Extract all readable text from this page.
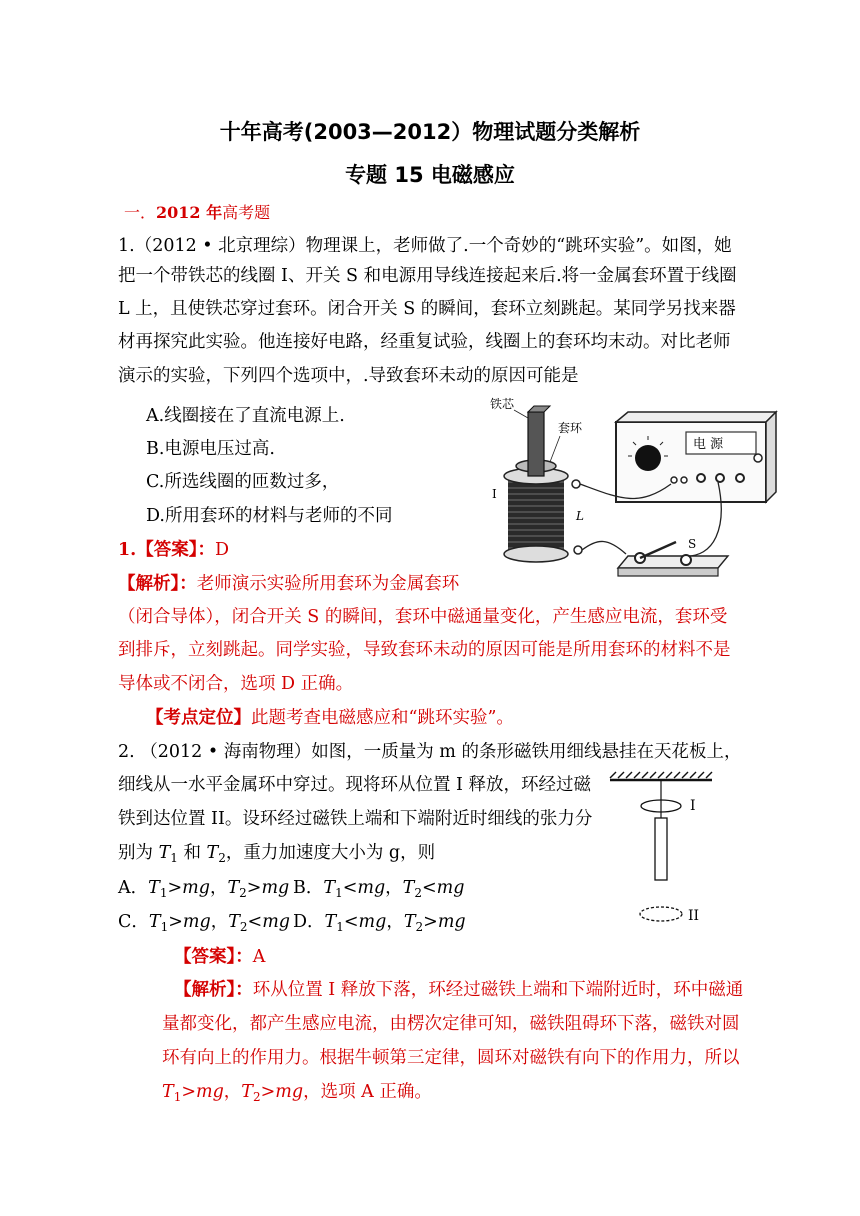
十年高考(2003—2012）物理试题分类解析
专题 15 电磁感应
一．2012 年高考题
1.（2012 • 北京理综）物理课上，老师做了.一个奇妙的“跳环实验”。如图，她
把一个带铁芯的线圈 I、开关 S 和电源用导线连接起来后.将一金属套环置于线圈
L 上，且使铁芯穿过套环。闭合开关 S 的瞬间，套环立刻跳起。某同学另找来器
材再探究此实验。他连接好电路，经重复试验，线圈上的套环均末动。对比老师
演示的实验，下列四个选项中，.导致套环未动的原因可能是
A.线圈接在了直流电源上.
B.电源电压过高.
C.所选线圈的匝数过多，
D.所用套环的材料与老师的不同
1.【答案】：D
【解析】：老师演示实验所用套环为金属套环
（闭合导体），闭合开关 S 的瞬间，套环中磁通量变化，产生感应电流，套环受
到排斥，立刻跳起。同学实验，导致套环未动的原因可能是所用套环的材料不是
导体或不闭合，选项 D 正确。
【考点定位】此题考查电磁感应和“跳环实验”。
电 源
铁芯
套环
I
L
S
2. （2012 • 海南物理）如图，一质量为 m 的条形磁铁用细线悬挂在天花板上，
细线从一水平金属环中穿过。现将环从位置 I 释放，环经过磁
铁到达位置 II。设环经过磁铁上端和下端附近时细线的张力分
别为 $T_1$ 和 $T_2$，重力加速度大小为 g，则
A．$T_1>mg$，$T_2>mg$ B．$T_1<mg$，$T_2<mg$
C．$T_1>mg$，$T_2<mg$ D．$T_1<mg$，$T_2>mg$
I
II
【答案】：A
【解析】：环从位置 I 释放下落，环经过磁铁上端和下端附近时，环中磁通
量都变化，都产生感应电流，由楞次定律可知，磁铁阻碍环下落，磁铁对圆
环有向上的作用力。根据牛顿第三定律，圆环对磁铁有向下的作用力，所以
$T_1>mg$，$T_2>mg$，选项 A 正确。
